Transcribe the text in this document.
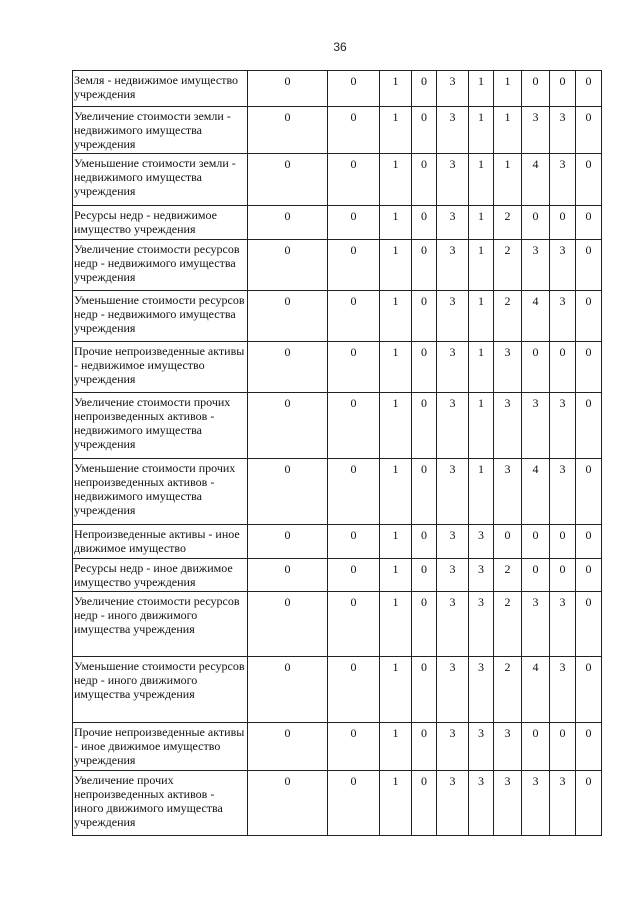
36
Земля - недвижимое имущество учреждения	0	0	1	0	3	1	1	0	0	0
Увеличение стоимости земли - недвижимого имущества учреждения	0	0	1	0	3	1	1	3	3	0
Уменьшение стоимости земли - недвижимого имущества учреждения	0	0	1	0	3	1	1	4	3	0
Ресурсы недр - недвижимое имущество учреждения	0	0	1	0	3	1	2	0	0	0
Увеличение стоимости ресурсов недр - недвижимого имущества учреждения	0	0	1	0	3	1	2	3	3	0
Уменьшение стоимости ресурсов недр - недвижимого имущества учреждения	0	0	1	0	3	1	2	4	3	0
Прочие непроизведенные активы - недвижимое имущество учреждения	0	0	1	0	3	1	3	0	0	0
Увеличение стоимости прочих непроизведенных активов - недвижимого имущества учреждения	0	0	1	0	3	1	3	3	3	0
Уменьшение стоимости прочих непроизведенных активов - недвижимого имущества учреждения	0	0	1	0	3	1	3	4	3	0
Непроизведенные активы - иное движимое имущество	0	0	1	0	3	3	0	0	0	0
Ресурсы недр - иное движимое имущество учреждения	0	0	1	0	3	3	2	0	0	0
Увеличение стоимости ресурсов недр - иного движимого имущества учреждения	0	0	1	0	3	3	2	3	3	0
Уменьшение стоимости ресурсов недр - иного движимого имущества учреждения	0	0	1	0	3	3	2	4	3	0
Прочие непроизведенные активы - иное движимое имущество учреждения	0	0	1	0	3	3	3	0	0	0
Увеличение прочих непроизведенных активов - иного движимого имущества учреждения	0	0	1	0	3	3	3	3	3	0
